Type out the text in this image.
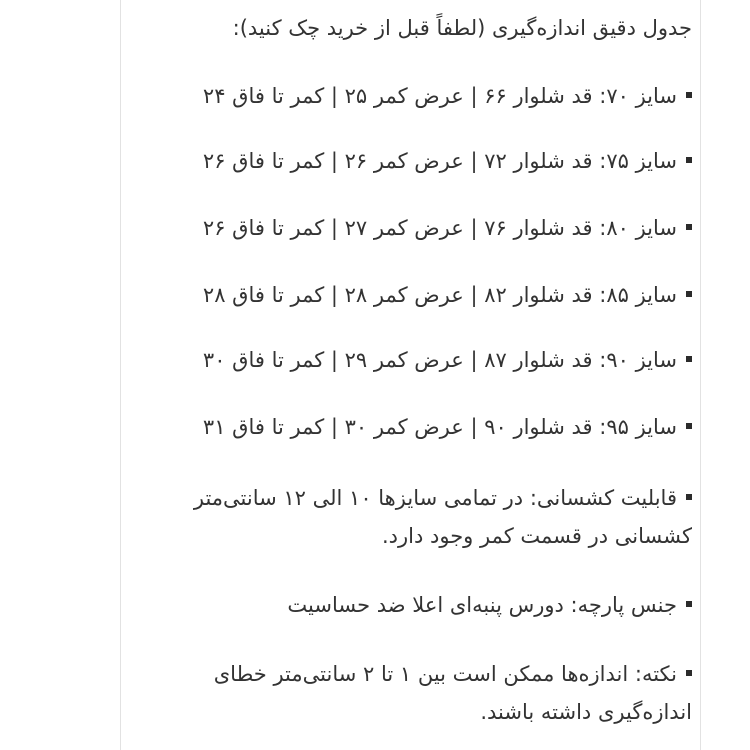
جدول دقیق اندازه‌گیری (لطفاً قبل از خرید چک کنید):
سایز ۷۰: قد شلوار ۶۶ | عرض کمر ۲۵ | کمر تا فاق ۲۴
سایز ۷۵: قد شلوار ۷۲ | عرض کمر ۲۶ | کمر تا فاق ۲۶
سایز ۸۰: قد شلوار ۷۶ | عرض کمر ۲۷ | کمر تا فاق ۲۶
سایز ۸۵: قد شلوار ۸۲ | عرض کمر ۲۸ | کمر تا فاق ۲۸
سایز ۹۰: قد شلوار ۸۷ | عرض کمر ۲۹ | کمر تا فاق ۳۰
سایز ۹۵: قد شلوار ۹۰ | عرض کمر ۳۰ | کمر تا فاق ۳۱
قابلیت کشسانی: در تمامی سایزها ۱۰ الی ۱۲ سانتی‌متر کشسانی در قسمت کمر وجود دارد.
جنس پارچه: دورس پنبه‌ای اعلا ضد حساسیت
نکته: اندازه‌ها ممکن است بین ۱ تا ۲ سانتی‌متر خطای اندازه‌گیری داشته باشند.
